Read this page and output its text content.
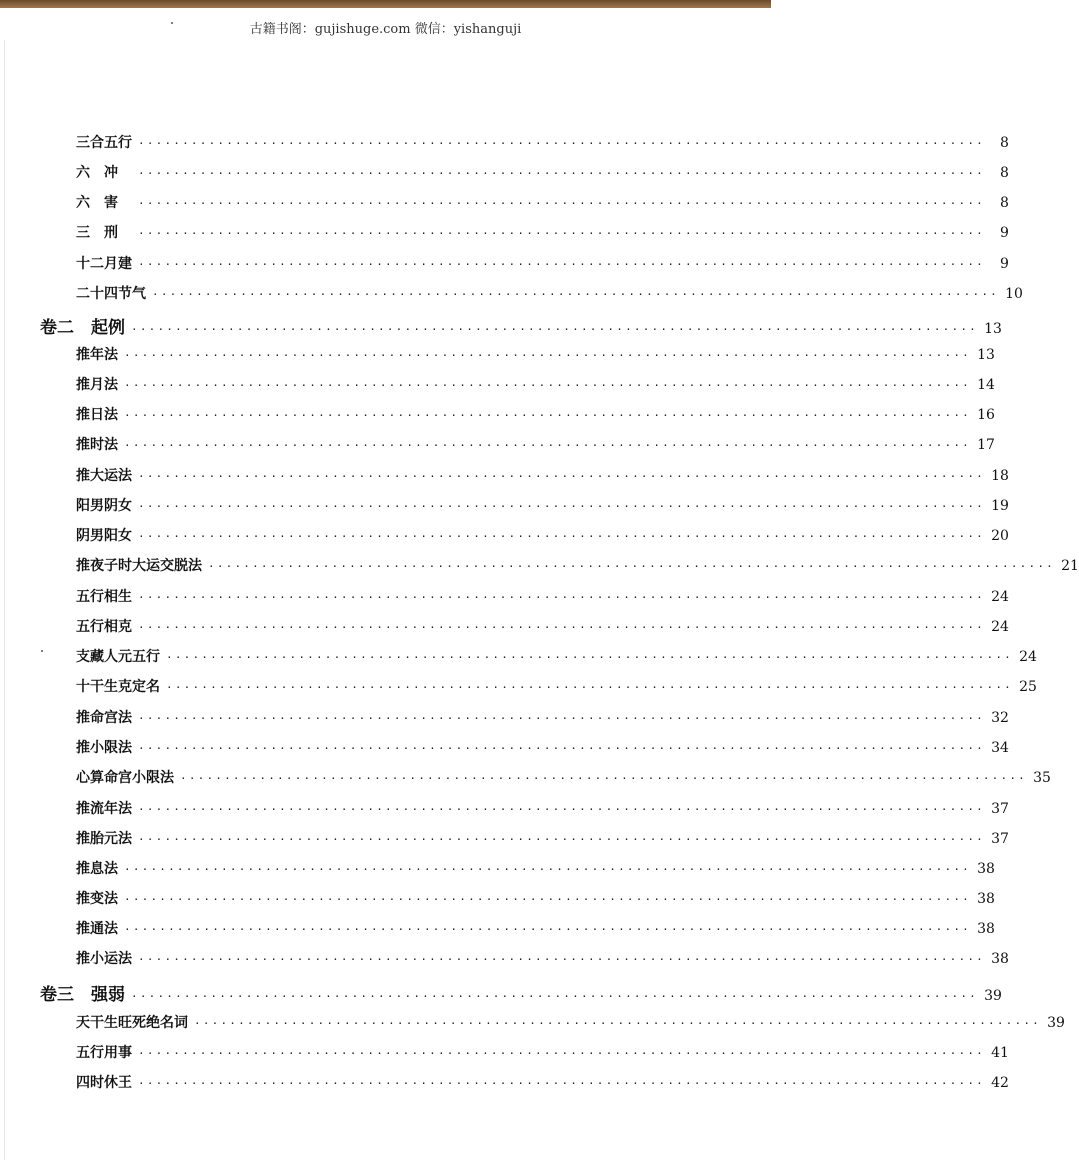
古籍书阁：gujishuge.com 微信：yishanguji
三合五行 ································································································	8
六冲 ································································································	8
六害 ································································································	8
三刑 ································································································	9
十二月建 ································································································	9
二十四节气 ································································································ 10
卷二　起例 ································································································ 13
推年法 ································································································ 13
推月法 ································································································ 14
推日法 ································································································ 16
推时法 ································································································ 17
推大运法 ································································································ 18
阳男阴女 ································································································ 19
阴男阳女 ································································································ 20
推夜子时大运交脱法 ································································································ 21
五行相生 ································································································ 24
五行相克 ································································································ 24
支藏人元五行 ································································································ 24
十干生克定名 ································································································ 25
推命宫法 ································································································ 32
推小限法 ································································································ 34
心算命宫小限法 ································································································ 35
推流年法 ································································································ 37
推胎元法 ································································································ 37
推息法 ································································································ 38
推变法 ································································································ 38
推通法 ································································································ 38
推小运法 ································································································ 38
卷三　强弱 ································································································ 39
天干生旺死绝名词 ································································································ 39
五行用事 ································································································ 41
四时休王 ································································································ 42
